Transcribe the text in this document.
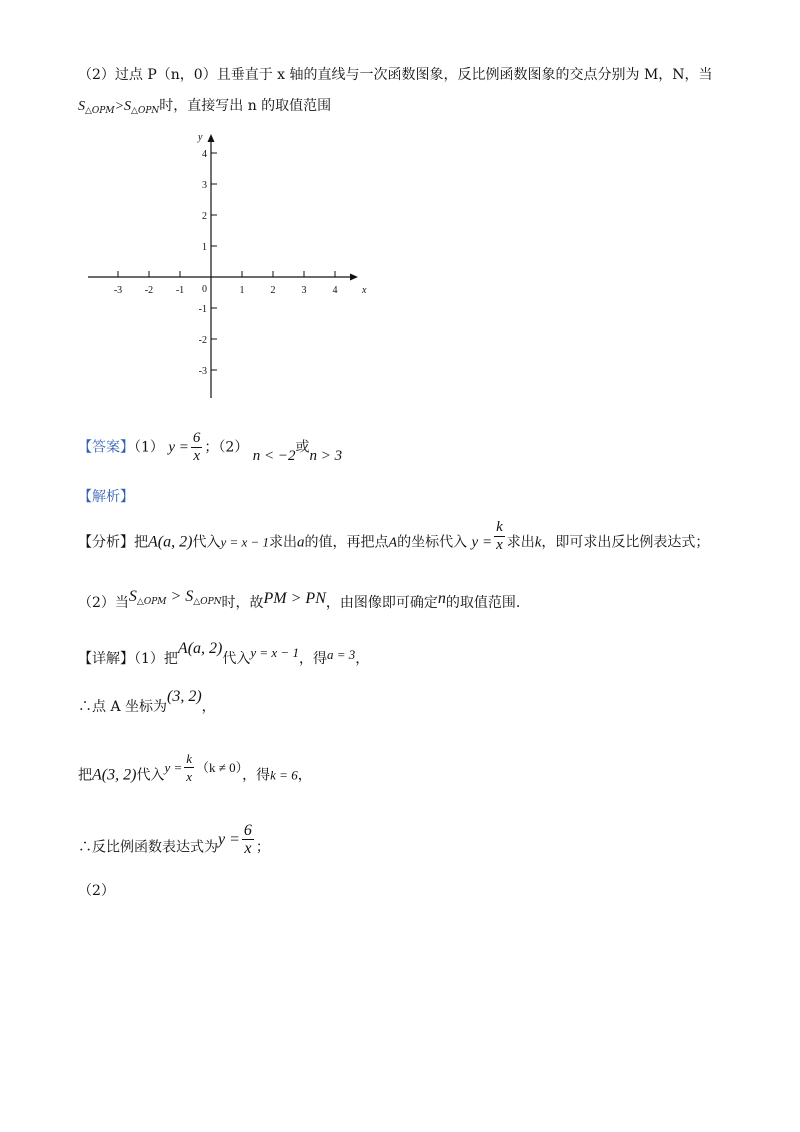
（2）过点 P（n，0）且垂直于 x 轴的直线与一次函数图象，反比例函数图象的交点分别为 M，N，当
$S_{\triangle OPM}>S_{\triangle OPN}$时，直接写出 n 的取值范围
-3 -2 -1	1	2	3	4
4
3
2
1
-1
-2
-3
x
y
0
【答案】（1） $y = \frac{6}{x}$ ；（2） n < −2或n > 3
【解析】
【分析】把A(a, 2)代入y = x − 1求出a的值，再把点A的坐标代入 $y = \frac{k}{x}$ 求出k，即可求出反比例表达式；
（2）当$S^{\triangle OPM} > S^{\triangle OPN}$时，故PM > PN，由图像即可确定n的取值范围.
【详解】（1）把A(a, 2)代入y = x − 1，得a = 3，
∴点 A 坐标为(3, 2)，
把A(3, 2)代入$y = \frac{k}{x} (k \ne 0)$，得k = 6，
∴反比例函数表达式为$y = \frac{6}{x}$ ；
（2）
